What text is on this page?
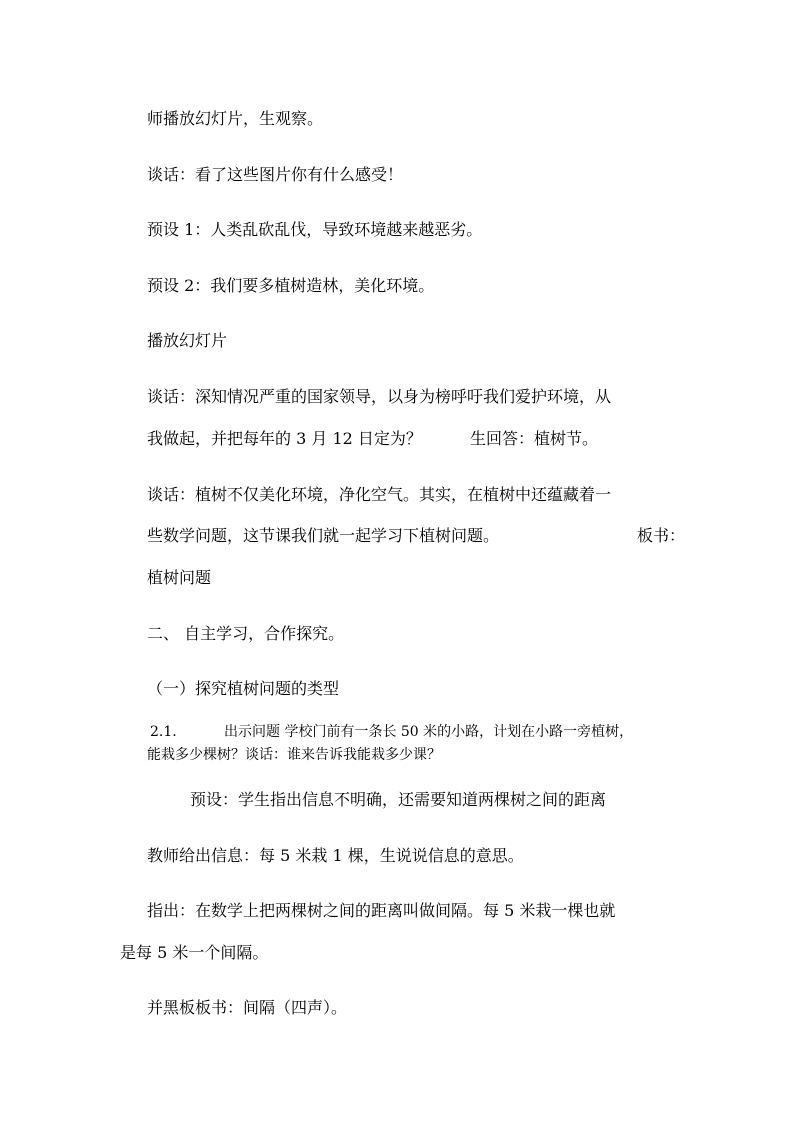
师播放幻灯片，生观察。
谈话：看了这些图片你有什么感受！
预设 1：人类乱砍乱伐，导致环境越来越恶劣。
预设 2：我们要多植树造林，美化环境。
播放幻灯片
谈话：深知情况严重的国家领导，以身为榜呼吁我们爱护环境，从
我做起，并把每年的 3 月 12 日定为？	生回答：植树节。
谈话：植树不仅美化环境，净化空气。其实，在植树中还蕴藏着一
些数学问题，这节课我们就一起学习下植树问题。	板书：
植树问题
二、 自主学习，合作探究。
（一）探究植树问题的类型
2.1.	出示问题 学校门前有一条长 50 米的小路，计划在小路一旁植树，
能栽多少棵树？谈话：谁来告诉我能栽多少课？
预设：学生指出信息不明确，还需要知道两棵树之间的距离
教师给出信息：每 5 米栽 1 棵，生说说信息的意思。
指出：在数学上把两棵树之间的距离叫做间隔。每 5 米栽一棵也就
是每 5 米一个间隔。
并黑板板书：间隔（四声）。
